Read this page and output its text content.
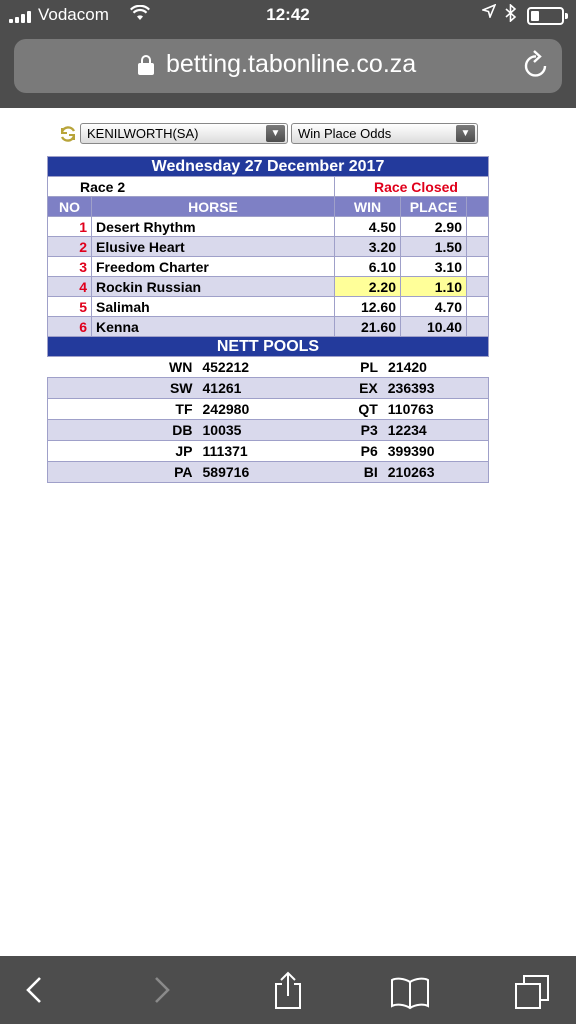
Vodacom	12:42
betting.tabonline.co.za
KENILWORTH(SA)	▼	Win Place Odds	▼
Wednesday 27 December 2017
Race 2	Race Closed
NO	HORSE	WIN	PLACE	
1	Desert Rhythm	4.50	2.90	
2	Elusive Heart	3.20	1.50	
3	Freedom Charter	6.10	3.10	
4	Rockin Russian	2.20	1.10	
5	Salimah	12.60	4.70	
6	Kenna	21.60	10.40	
NETT POOLS

WN	452212	PL	21420

SW	41261	EX	236393

TF	242980	QT	110763

DB	10035	P3	12234

JP	111371	P6	399390

PA	589716	BI	210263
